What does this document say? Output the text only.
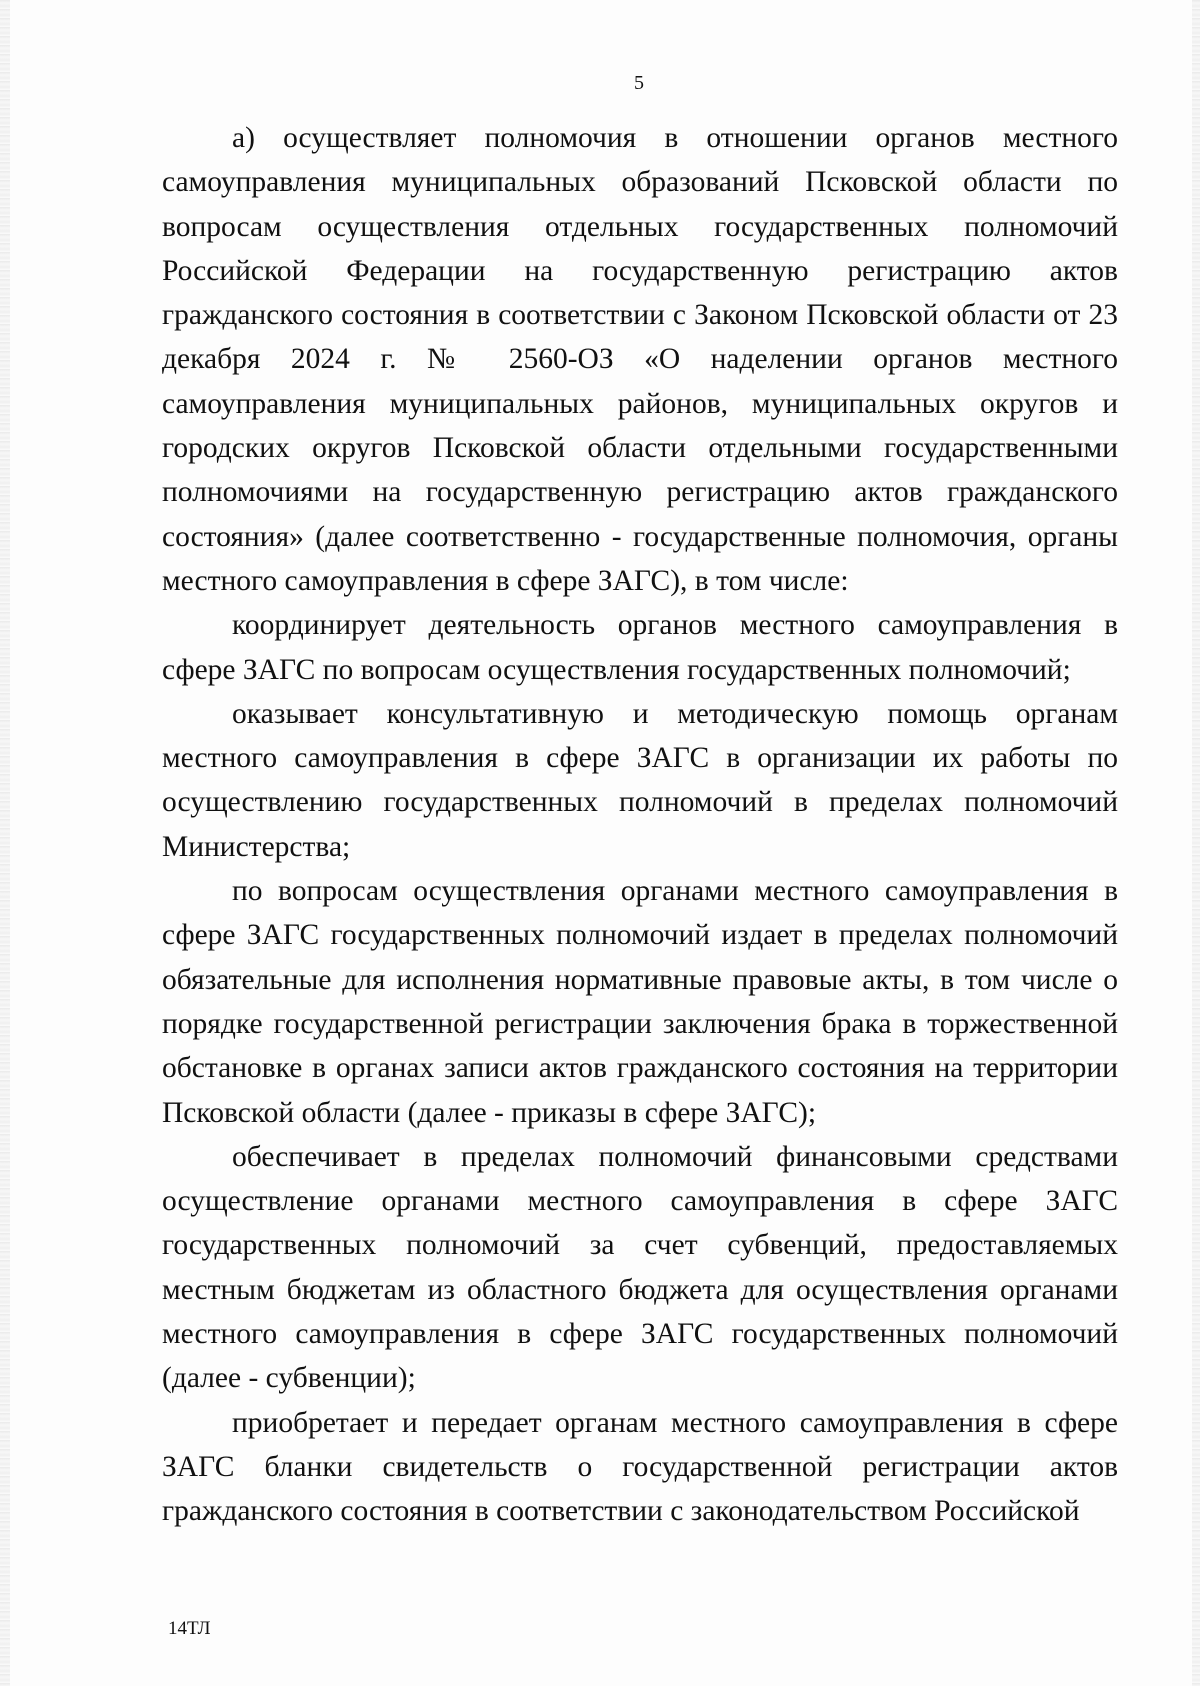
5

а) осуществляет полномочия в отношении органов местного самоуправления муниципальных образований Псковской области по вопросам осуществления отдельных государственных полномочий Российской Федерации на государственную регистрацию актов гражданского состояния в соответствии с Законом Псковской области от 23 декабря 2024 г. № 2560-ОЗ «О наделении органов местного самоуправления муниципальных районов, муниципальных округов и городских округов Псковской области отдельными государственными полномочиями на государственную регистрацию актов гражданского состояния» (далее соответственно - государственные полномочия, органы местного самоуправления в сфере ЗАГС), в том числе:

координирует деятельность органов местного самоуправления в сфере ЗАГС по вопросам осуществления государственных полномочий;

оказывает консультативную и методическую помощь органам местного самоуправления в сфере ЗАГС в организации их работы по осуществлению государственных полномочий в пределах полномочий Министерства;

по вопросам осуществления органами местного самоуправления в сфере ЗАГС государственных полномочий издает в пределах полномочий обязательные для исполнения нормативные правовые акты, в том числе о порядке государственной регистрации заключения брака в торжественной обстановке в органах записи актов гражданского состояния на территории Псковской области (далее - приказы в сфере ЗАГС);

обеспечивает в пределах полномочий финансовыми средствами осуществление органами местного самоуправления в сфере ЗАГС государственных полномочий за счет субвенций, предоставляемых местным бюджетам из областного бюджета для осуществления органами местного самоуправления в сфере ЗАГС государственных полномочий (далее - субвенции);

приобретает и передает органам местного самоуправления в сфере ЗАГС бланки свидетельств о государственной регистрации актов гражданского состояния в соответствии с законодательством Российской

14ТЛ
